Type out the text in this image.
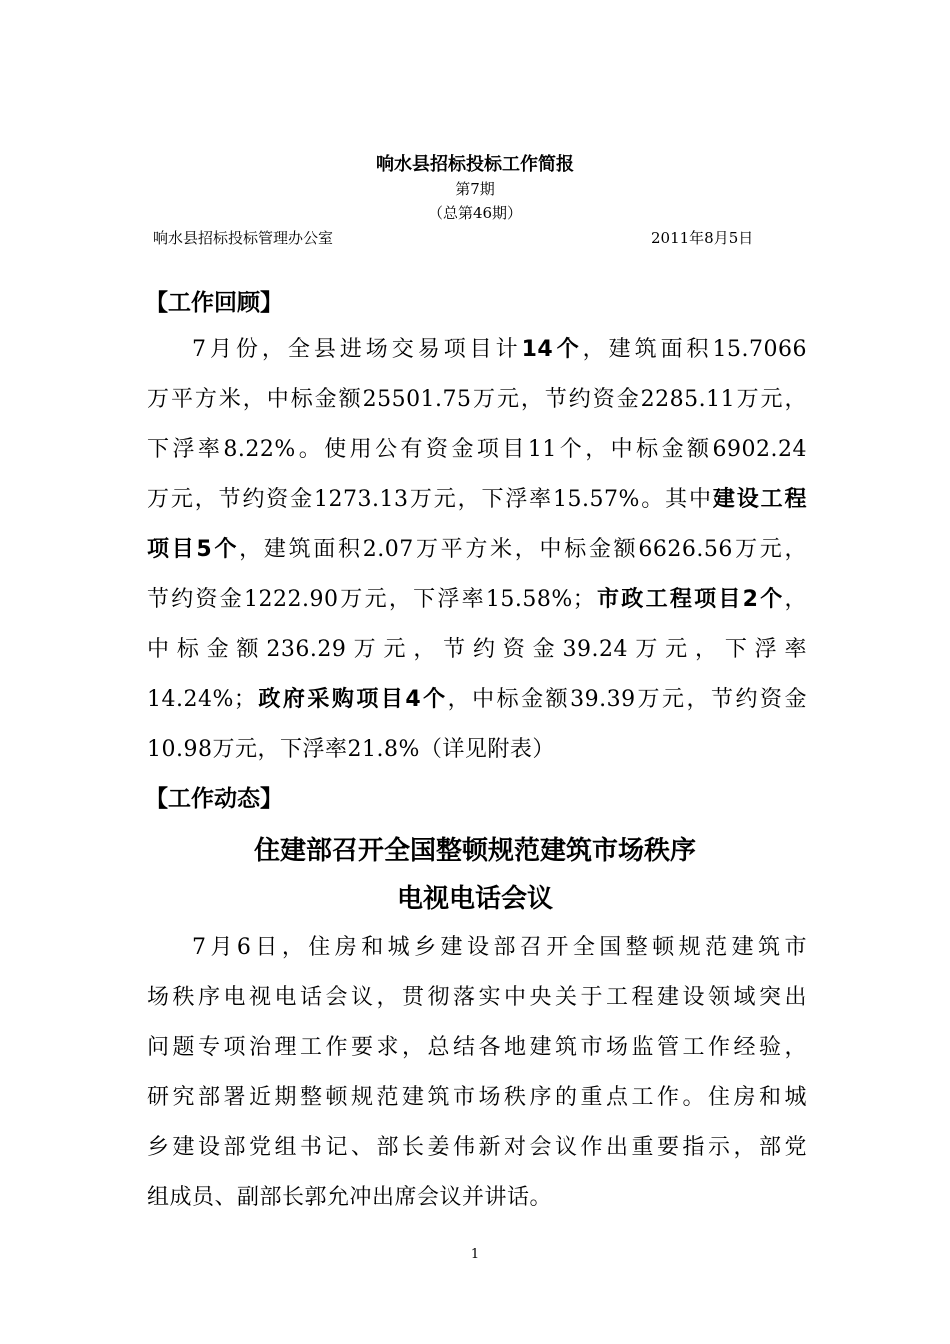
响水县招标投标工作简报
第7期
（总第46期）
响水县招标投标管理办公室	2011年8月5日
【工作回顾】
7月份，全县进场交易项目计14个，建筑面积15.7066
万平方米，中标金额25501.75万元，节约资金2285.11万元，
下浮率8.22%。使用公有资金项目11个，中标金额6902.24
万元，节约资金1273.13万元，下浮率15.57%。其中建设工程
项目5个，建筑面积2.07万平方米，中标金额6626.56万元，
节约资金1222.90万元，下浮率15.58%；市政工程项目2个，
中标金额236.29万元，节约资金39.24万元，下浮率
14.24%；政府采购项目4个，中标金额39.39万元，节约资金
10.98万元，下浮率21.8%（详见附表）
【工作动态】
住建部召开全国整顿规范建筑市场秩序
电视电话会议
7月6日，住房和城乡建设部召开全国整顿规范建筑市
场秩序电视电话会议，贯彻落实中央关于工程建设领域突出
问题专项治理工作要求，总结各地建筑市场监管工作经验，
研究部署近期整顿规范建筑市场秩序的重点工作。住房和城
乡建设部党组书记、部长姜伟新对会议作出重要指示，部党
组成员、副部长郭允冲出席会议并讲话。
1
